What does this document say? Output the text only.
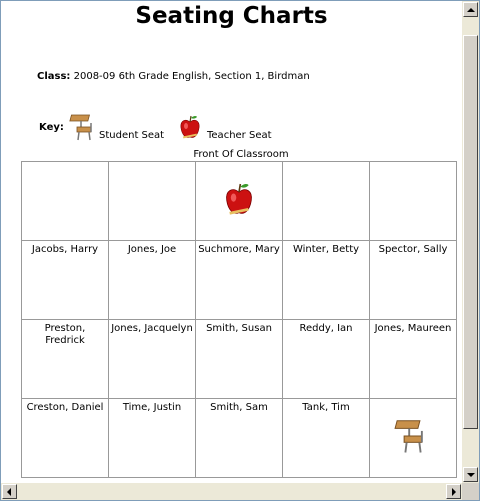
Seating Charts
Class: 2008-09 6th Grade English, Section 1, Birdman
Key:
Student Seat	Teacher Seat
Front Of Classroom

Jacobs, Harry	Jones, Joe	Suchmore, Mary	Winter, Betty	Spector, Sally
Preston, Fredrick	Jones, Jacquelyn	Smith, Susan	Reddy, Ian	Jones, Maureen
Creston, Daniel	Time, Justin	Smith, Sam	Tank, Tim	
